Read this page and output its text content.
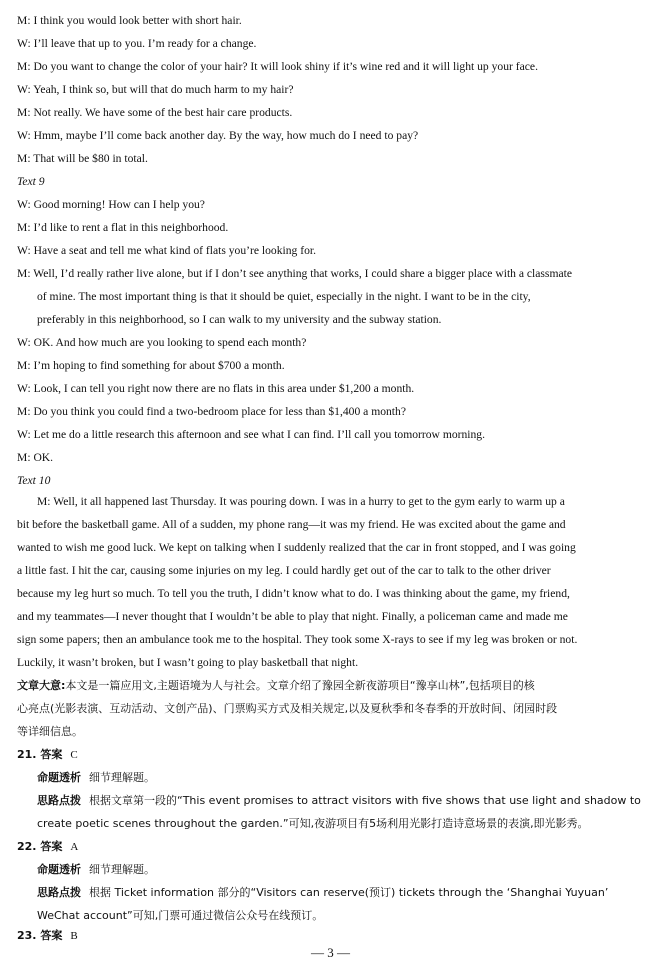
M: I think you would look better with short hair.
W: I’ll leave that up to you. I’m ready for a change.
M: Do you want to change the color of your hair? It will look shiny if it’s wine red and it will light up your face.
W: Yeah, I think so, but will that do much harm to my hair?
M: Not really. We have some of the best hair care products.
W: Hmm, maybe I’ll come back another day. By the way, how much do I need to pay?
M: That will be $80 in total.
Text 9
W: Good morning! How can I help you?
M: I’d like to rent a flat in this neighborhood.
W: Have a seat and tell me what kind of flats you’re looking for.
M: Well, I’d really rather live alone, but if I don’t see anything that works, I could share a bigger place with a classmate
of mine. The most important thing is that it should be quiet, especially in the night. I want to be in the city,
preferably in this neighborhood, so I can walk to my university and the subway station.
W: OK. And how much are you looking to spend each month?
M: I’m hoping to find something for about $700 a month.
W: Look, I can tell you right now there are no flats in this area under $1,200 a month.
M: Do you think you could find a two-bedroom place for less than $1,400 a month?
W: Let me do a little research this afternoon and see what I can find. I’ll call you tomorrow morning.
M: OK.
Text 10
M: Well, it all happened last Thursday. It was pouring down. I was in a hurry to get to the gym early to warm up a
bit before the basketball game. All of a sudden, my phone rang—it was my friend. He was excited about the game and
wanted to wish me good luck. We kept on talking when I suddenly realized that the car in front stopped, and I was going
a little fast. I hit the car, causing some injuries on my leg. I could hardly get out of the car to talk to the other driver
because my leg hurt so much. To tell you the truth, I didn’t know what to do. I was thinking about the game, my friend,
and my teammates—I never thought that I wouldn’t be able to play that night. Finally, a policeman came and made me
sign some papers; then an ambulance took me to the hospital. They took some X-rays to see if my leg was broken or not.
Luckily, it wasn’t broken, but I wasn’t going to play basketball that night.
文章大意:本文是一篇应用文,主题语境为人与社会。文章介绍了豫园全新夜游项目“豫享山林”,包括项目的核
心亮点(光影表演、互动活动、文创产品)、门票购买方式及相关规定,以及夏秋季和冬春季的开放时间、闭园时段
等详细信息。
21. 答案 C
命题透析 细节理解题。
思路点拨 根据文章第一段的“This event promises to attract visitors with five shows that use light and shadow to
create poetic scenes throughout the garden.”可知,夜游项目有5场利用光影打造诗意场景的表演,即光影秀。
22. 答案 A
命题透析 细节理解题。
思路点拨 根据 Ticket information 部分的“Visitors can reserve(预订) tickets through the ‘Shanghai Yuyuan’
WeChat account”可知,门票可通过微信公众号在线预订。
23. 答案 B
— 3 —
